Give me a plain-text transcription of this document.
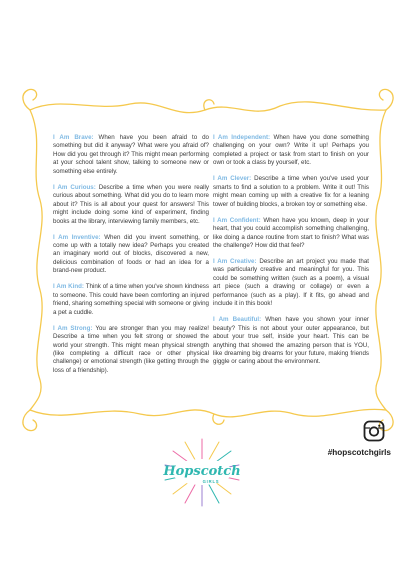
I Am Brave: When have you been afraid to do something but did it anyway? What were you afraid of? How did you get through it? This might mean performing at your school talent show, talking to someone new or something else entirely.

I Am Curious: Describe a time when you were really curious about something. What did you do to learn more about it? This is all about your quest for answers! This might include doing some kind of experiment, finding books at the library, interviewing family members, etc.

I Am Inventive: When did you invent something, or come up with a totally new idea? Perhaps you created an imaginary world out of blocks, discovered a new, delicious combination of foods or had an idea for a brand-new product.

I Am Kind: Think of a time when you've shown kindness to someone. This could have been comforting an injured friend, sharing something special with someone or giving a pet a cuddle.

I Am Strong: You are stronger than you may realize! Describe a time when you felt strong or showed the world your strength. This might mean physical strength (like completing a difficult race or other physical challenge) or emotional strength (like getting through the loss of a friendship).

I Am Independent: When have you done something challenging on your own? Write it up! Perhaps you completed a project or task from start to finish on your own or took a class by yourself, etc.

I Am Clever: Describe a time when you've used your smarts to find a solution to a problem. Write it out! This might mean coming up with a creative fix for a leaning tower of building blocks, a broken toy or something else.

I Am Confident: When have you known, deep in your heart, that you could accomplish something challenging, like doing a dance routine from start to finish? What was the challenge? How did that feel?

I Am Creative: Describe an art project you made that was particularly creative and meaningful for you. This could be something written (such as a poem), a visual art piece (such a drawing or collage) or even a performance (such as a play). If it fits, go ahead and include it in this book!

I Am Beautiful: When have you shown your inner beauty? This is not about your outer appearance, but about your true self, inside your heart. This can be anything that showed the amazing person that is YOU, like dreaming big dreams for your future, making friends giggle or caring about the environment.

Hopscotch
GIRLS
#hopscotchgirls
